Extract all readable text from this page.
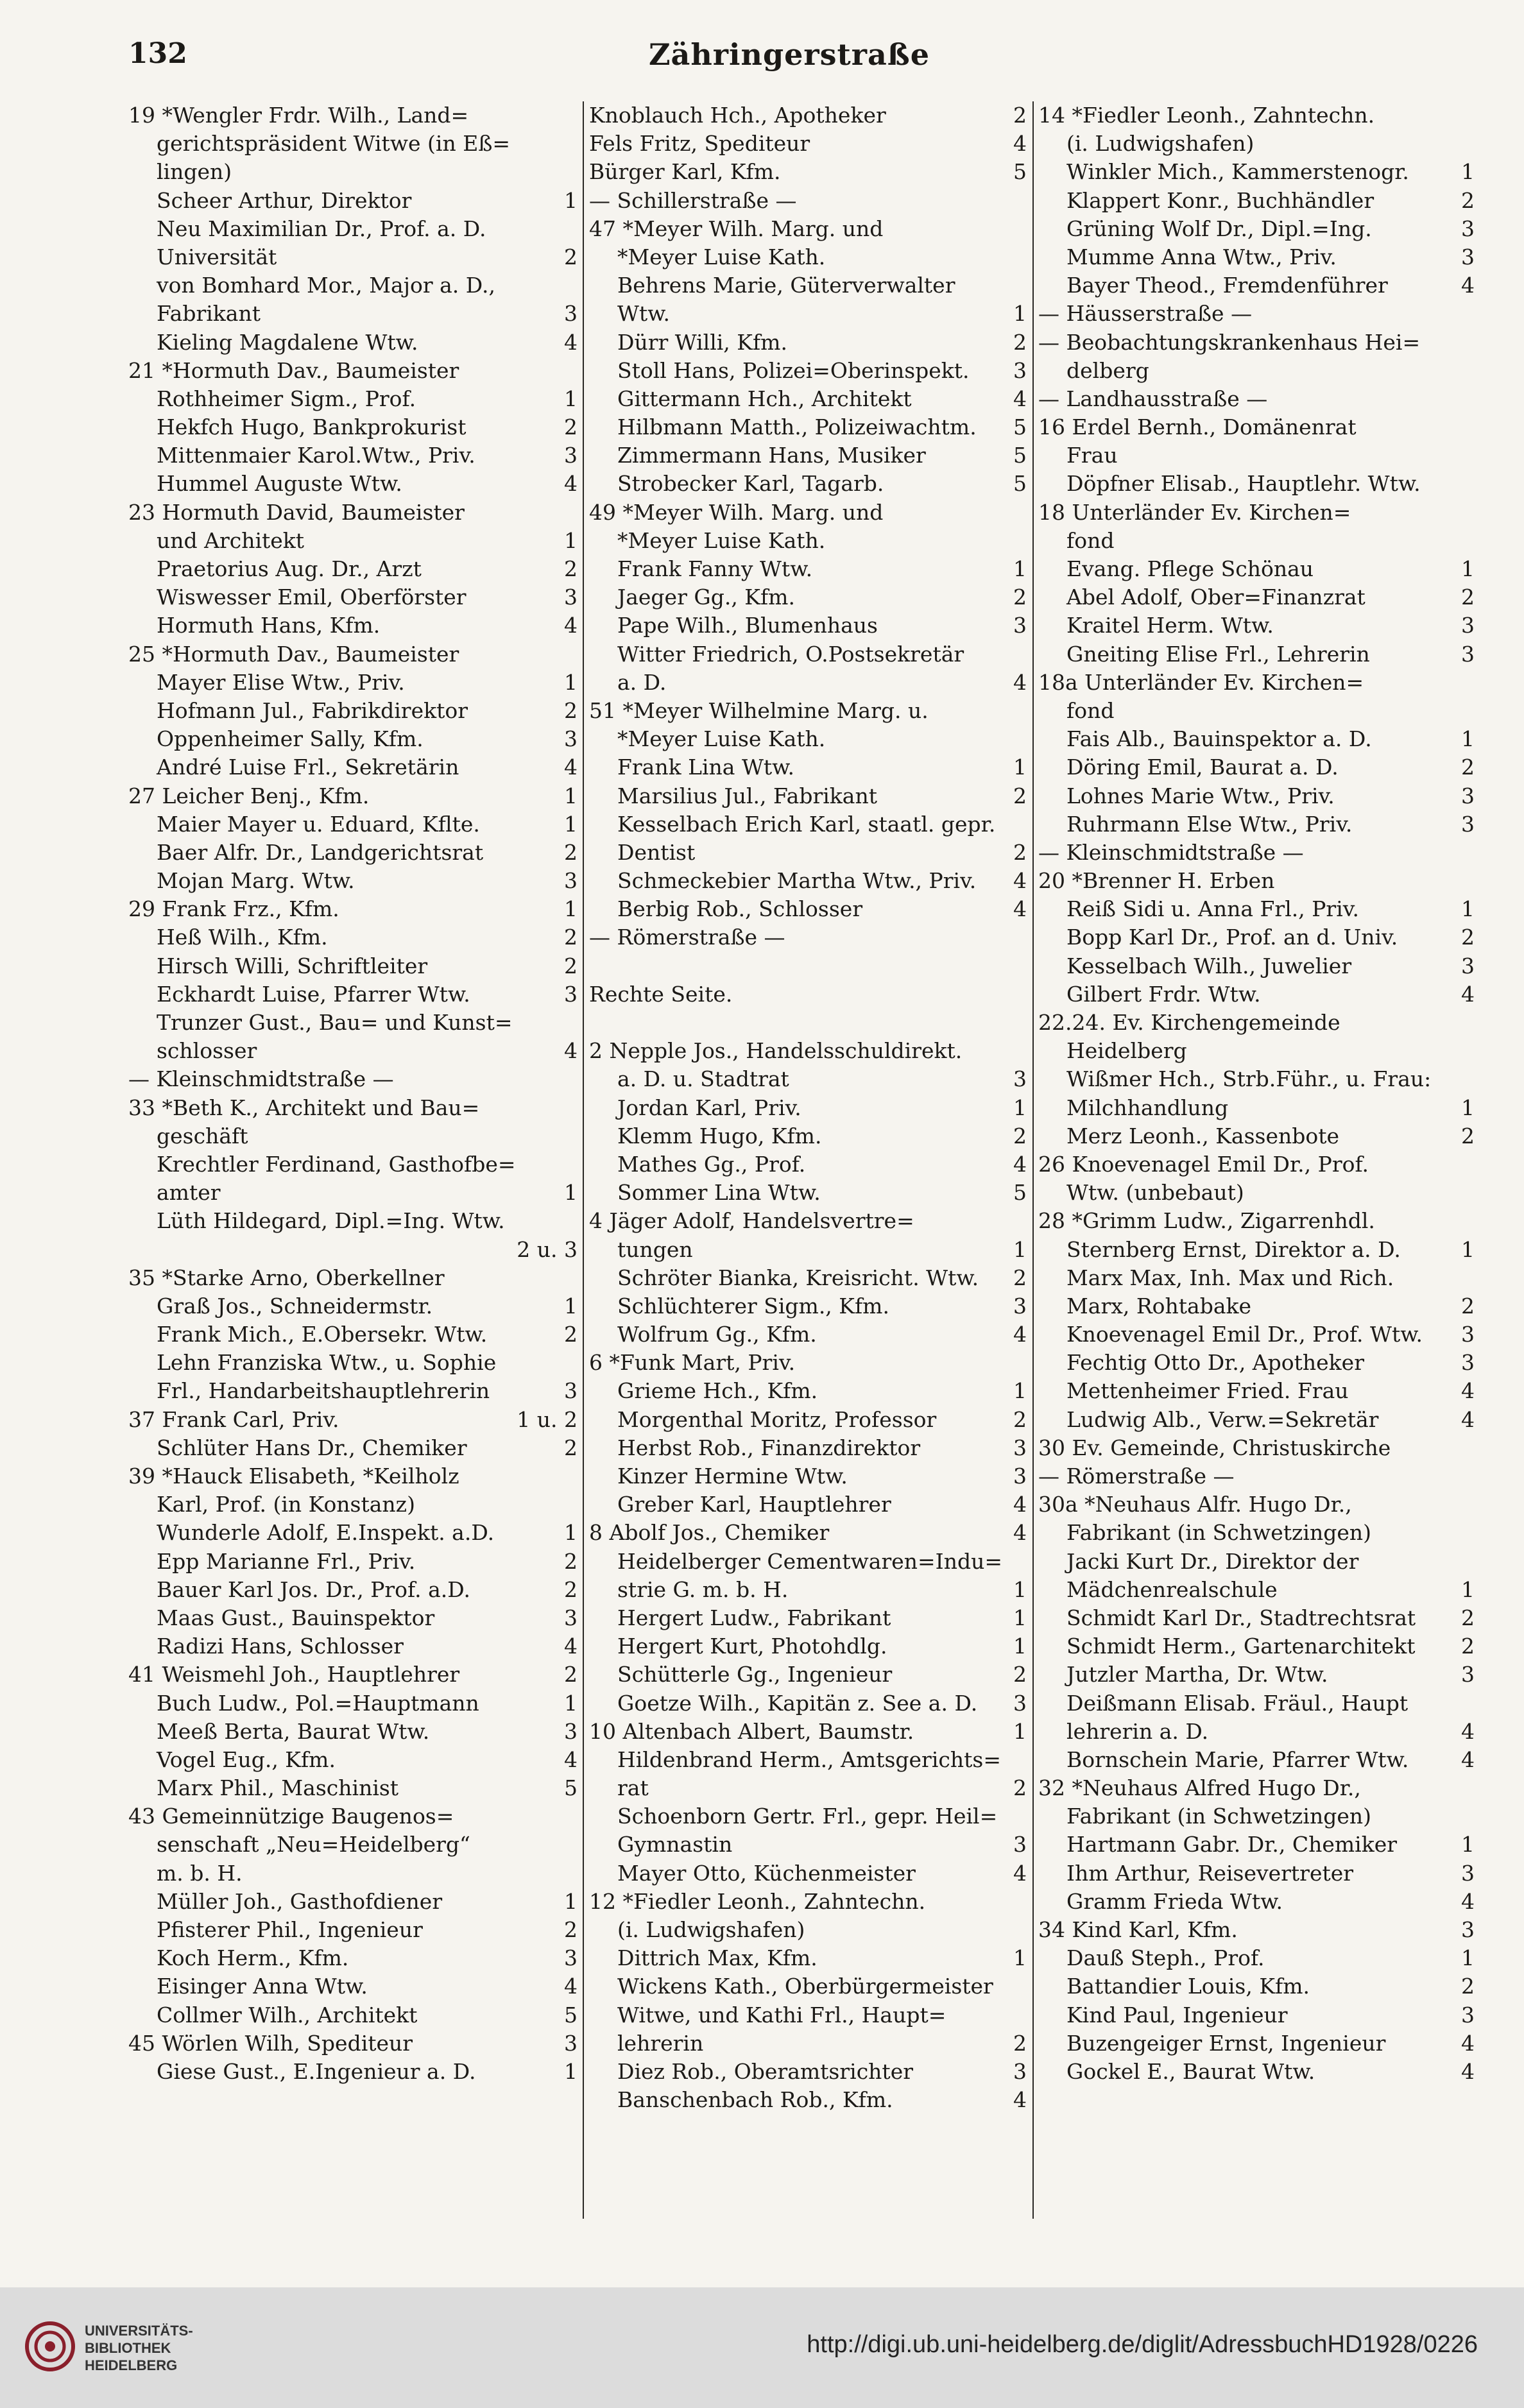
132	Zähringerstraße
19 *Wengler Frdr. Wilh., Land=
gerichtspräsident Witwe (in Eß=
lingen)
Scheer Arthur, Direktor	1
Neu Maximilian Dr., Prof. a. D.
Universität	2
von Bomhard Mor., Major a. D.,
Fabrikant	3
Kieling Magdalene Wtw.	4
21 *Hormuth Dav., Baumeister
Rothheimer Sigm., Prof.	1
Hekfch Hugo, Bankprokurist	2
Mittenmaier Karol.Wtw., Priv.	3
Hummel Auguste Wtw.	4
23 Hormuth David, Baumeister
und Architekt	1
Praetorius Aug. Dr., Arzt	2
Wiswesser Emil, Oberförster	3
Hormuth Hans, Kfm.	4
25 *Hormuth Dav., Baumeister
Mayer Elise Wtw., Priv.	1
Hofmann Jul., Fabrikdirektor	2
Oppenheimer Sally, Kfm.	3
André Luise Frl., Sekretärin	4
27 Leicher Benj., Kfm.	1
Maier Mayer u. Eduard, Kflte.	1
Baer Alfr. Dr., Landgerichtsrat	2
Mojan Marg. Wtw.	3
29 Frank Frz., Kfm.	1
Heß Wilh., Kfm.	2
Hirsch Willi, Schriftleiter	2
Eckhardt Luise, Pfarrer Wtw.	3
Trunzer Gust., Bau= und Kunst=
schlosser	4
— Kleinschmidtstraße —
33 *Beth K., Architekt und Bau=
geschäft
Krechtler Ferdinand, Gasthofbe=
amter	1
Lüth Hildegard, Dipl.=Ing. Wtw.
2 u. 3
35 *Starke Arno, Oberkellner
Graß Jos., Schneidermstr.	1
Frank Mich., E.Obersekr. Wtw.	2
Lehn Franziska Wtw., u. Sophie
Frl., Handarbeitshauptlehrerin	3
37 Frank Carl, Priv.	1 u. 2
Schlüter Hans Dr., Chemiker	2
39 *Hauck Elisabeth, *Keilholz
Karl, Prof. (in Konstanz)
Wunderle Adolf, E.Inspekt. a.D.	1
Epp Marianne Frl., Priv.	2
Bauer Karl Jos. Dr., Prof. a.D.	2
Maas Gust., Bauinspektor	3
Radizi Hans, Schlosser	4
41 Weismehl Joh., Hauptlehrer	2
Buch Ludw., Pol.=Hauptmann	1
Meeß Berta, Baurat Wtw.	3
Vogel Eug., Kfm.	4
Marx Phil., Maschinist	5
43 Gemeinnützige Baugenos=
senschaft „Neu=Heidelberg“
m. b. H.
Müller Joh., Gasthofdiener	1
Pfisterer Phil., Ingenieur	2
Koch Herm., Kfm.	3
Eisinger Anna Wtw.	4
Collmer Wilh., Architekt	5
45 Wörlen Wilh, Spediteur	3
Giese Gust., E.Ingenieur a. D.	1
Knoblauch Hch., Apotheker	2
Fels Fritz, Spediteur	4
Bürger Karl, Kfm.	5
— Schillerstraße —
47 *Meyer Wilh. Marg. und
*Meyer Luise Kath.
Behrens Marie, Güterverwalter
Wtw.	1
Dürr Willi, Kfm.	2
Stoll Hans, Polizei=Oberinspekt.	3
Gittermann Hch., Architekt	4
Hilbmann Matth., Polizeiwachtm.	5
Zimmermann Hans, Musiker	5
Strobecker Karl, Tagarb.	5
49 *Meyer Wilh. Marg. und
*Meyer Luise Kath.
Frank Fanny Wtw.	1
Jaeger Gg., Kfm.	2
Pape Wilh., Blumenhaus	3
Witter Friedrich, O.Postsekretär
a. D.	4
51 *Meyer Wilhelmine Marg. u.
*Meyer Luise Kath.
Frank Lina Wtw.	1
Marsilius Jul., Fabrikant	2
Kesselbach Erich Karl, staatl. gepr.
Dentist	2
Schmeckebier Martha Wtw., Priv.	4
Berbig Rob., Schlosser	4
— Römerstraße —
Rechte Seite.
2 Nepple Jos., Handelsschuldirekt.
a. D. u. Stadtrat	3
Jordan Karl, Priv.	1
Klemm Hugo, Kfm.	2
Mathes Gg., Prof.	4
Sommer Lina Wtw.	5
4 Jäger Adolf, Handelsvertre=
tungen	1
Schröter Bianka, Kreisricht. Wtw.	2
Schlüchterer Sigm., Kfm.	3
Wolfrum Gg., Kfm.	4
6 *Funk Mart, Priv.
Grieme Hch., Kfm.	1
Morgenthal Moritz, Professor	2
Herbst Rob., Finanzdirektor	3
Kinzer Hermine Wtw.	3
Greber Karl, Hauptlehrer	4
8 Abolf Jos., Chemiker	4
Heidelberger Cementwaren=Indu=
strie G. m. b. H.	1
Hergert Ludw., Fabrikant	1
Hergert Kurt, Photohdlg.	1
Schütterle Gg., Ingenieur	2
Goetze Wilh., Kapitän z. See a. D.	3
10 Altenbach Albert, Baumstr.	1
Hildenbrand Herm., Amtsgerichts=
rat	2
Schoenborn Gertr. Frl., gepr. Heil=
Gymnastin	3
Mayer Otto, Küchenmeister	4
12 *Fiedler Leonh., Zahntechn.
(i. Ludwigshafen)
Dittrich Max, Kfm.	1
Wickens Kath., Oberbürgermeister
Witwe, und Kathi Frl., Haupt=
lehrerin	2
Diez Rob., Oberamtsrichter	3
Banschenbach Rob., Kfm.	4
14 *Fiedler Leonh., Zahntechn.
(i. Ludwigshafen)
Winkler Mich., Kammerstenogr.	1
Klappert Konr., Buchhändler	2
Grüning Wolf Dr., Dipl.=Ing.	3
Mumme Anna Wtw., Priv.	3
Bayer Theod., Fremdenführer	4
— Häusserstraße —
— Beobachtungskrankenhaus Hei=
delberg
— Landhausstraße —
16 Erdel Bernh., Domänenrat
Frau
Döpfner Elisab., Hauptlehr. Wtw.
18 Unterländer Ev. Kirchen=
fond
Evang. Pflege Schönau	1
Abel Adolf, Ober=Finanzrat	2
Kraitel Herm. Wtw.	3
Gneiting Elise Frl., Lehrerin	3
18a Unterländer Ev. Kirchen=
fond
Fais Alb., Bauinspektor a. D.	1
Döring Emil, Baurat a. D.	2
Lohnes Marie Wtw., Priv.	3
Ruhrmann Else Wtw., Priv.	3
— Kleinschmidtstraße —
20 *Brenner H. Erben
Reiß Sidi u. Anna Frl., Priv.	1
Bopp Karl Dr., Prof. an d. Univ.	2
Kesselbach Wilh., Juwelier	3
Gilbert Frdr. Wtw.	4
22.24. Ev. Kirchengemeinde
Heidelberg
Wißmer Hch., Strb.Führ., u. Frau:
Milchhandlung	1
Merz Leonh., Kassenbote	2
26 Knoevenagel Emil Dr., Prof.
Wtw. (unbebaut)
28 *Grimm Ludw., Zigarrenhdl.
Sternberg Ernst, Direktor a. D.	1
Marx Max, Inh. Max und Rich.
Marx, Rohtabake	2
Knoevenagel Emil Dr., Prof. Wtw.	3
Fechtig Otto Dr., Apotheker	3
Mettenheimer Fried. Frau	4
Ludwig Alb., Verw.=Sekretär	4
30 Ev. Gemeinde, Christuskirche
— Römerstraße —
30a *Neuhaus Alfr. Hugo Dr.,
Fabrikant (in Schwetzingen)
Jacki Kurt Dr., Direktor der
Mädchenrealschule	1
Schmidt Karl Dr., Stadtrechtsrat	2
Schmidt Herm., Gartenarchitekt	2
Jutzler Martha, Dr. Wtw.	3
Deißmann Elisab. Fräul., Haupt
lehrerin a. D.	4
Bornschein Marie, Pfarrer Wtw.	4
32 *Neuhaus Alfred Hugo Dr.,
Fabrikant (in Schwetzingen)
Hartmann Gabr. Dr., Chemiker	1
Ihm Arthur, Reisevertreter	3
Gramm Frieda Wtw.	4
34 Kind Karl, Kfm.	3
Dauß Steph., Prof.	1
Battandier Louis, Kfm.	2
Kind Paul, Ingenieur	3
Buzengeiger Ernst, Ingenieur	4
Gockel E., Baurat Wtw.	4
UNIVERSITÄTS-
BIBLIOTHEK
HEIDELBERG
http://digi.ub.uni-heidelberg.de/diglit/AdressbuchHD1928/0226
